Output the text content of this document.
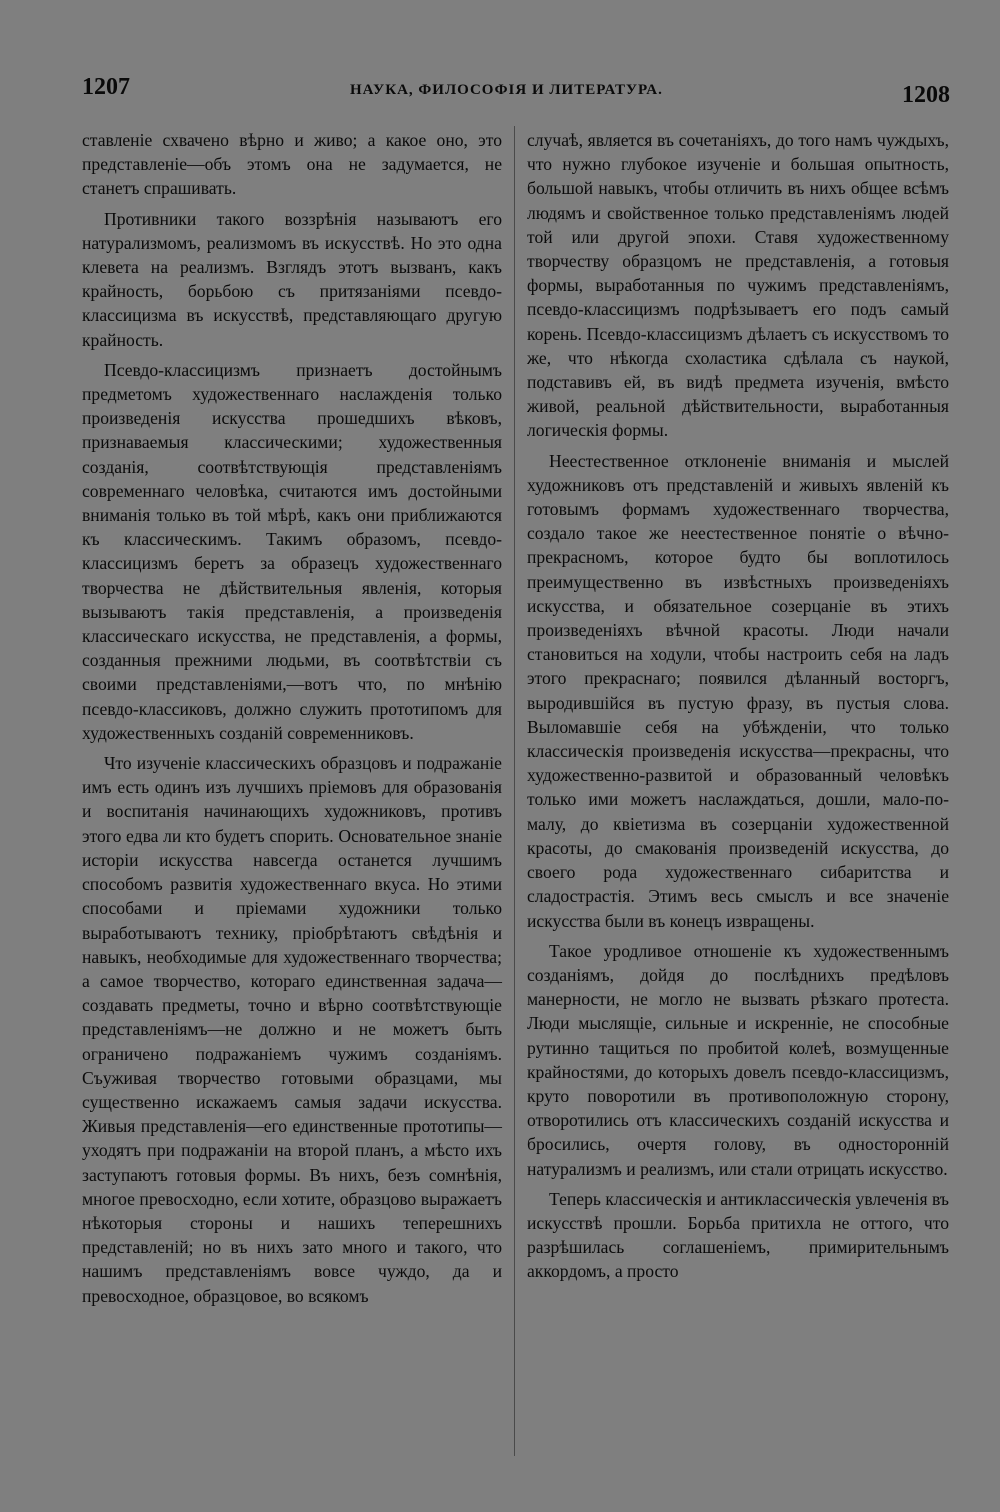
1207	НАУКА, ФИЛОСОФІЯ И ЛИТЕРАТУРА.	1208

ставленіе схвачено вѣрно и живо; а какое оно, это представленіе—объ этомъ она не задумается, не станетъ спрашивать.

Противники такого воззрѣнія называютъ его натурализмомъ, реализмомъ въ искусствѣ. Но это одна клевета на реализмъ. Взглядъ этотъ вызванъ, какъ крайность, борьбою съ притязаніями псевдо-классицизма въ искусствѣ, представляющаго другую крайность.

Псевдо-классицизмъ признаетъ достойнымъ предметомъ художественнаго наслажденія только произведенія искусства прошедшихъ вѣковъ, признаваемыя классическими; художественныя созданія, соотвѣтствующія представленіямъ современнаго человѣка, считаются имъ достойными вниманія только въ той мѣрѣ, какъ они приближаются къ классическимъ. Такимъ образомъ, псевдо-классицизмъ беретъ за образецъ художественнаго творчества не дѣйствительныя явленія, которыя вызываютъ такія представленія, а произведенія классическаго искусства, не представленія, а формы, созданныя прежними людьми, въ соотвѣтствіи съ своими представленіями,—вотъ что, по мнѣнію псевдо-классиковъ, должно служить прототипомъ для художественныхъ созданій современниковъ.

Что изученіе классическихъ образцовъ и подражаніе имъ есть одинъ изъ лучшихъ пріемовъ для образованія и воспитанія начинающихъ художниковъ, противъ этого едва ли кто будетъ спорить. Основательное знаніе исторіи искусства навсегда останется лучшимъ способомъ развитія художественнаго вкуса. Но этими способами и пріемами художники только выработываютъ технику, пріобрѣтаютъ свѣдѣнія и навыкъ, необходимые для художественнаго творчества; а самое творчество, котораго единственная задача—создавать предметы, точно и вѣрно соотвѣтствующіе представленіямъ—не должно и не можетъ быть ограничено подражаніемъ чужимъ созданіямъ. Съуживая творчество готовыми образцами, мы существенно искажаемъ самыя задачи искусства. Живыя представленія—его единственные прототипы—уходятъ при подражаніи на второй планъ, а мѣсто ихъ заступаютъ готовыя формы. Въ нихъ, безъ сомнѣнія, многое превосходно, если хотите, образцово выражаетъ нѣкоторыя стороны и нашихъ теперешнихъ представленій; но въ нихъ зато много и такого, что нашимъ представленіямъ вовсе чуждо, да и превосходное, образцовое, во всякомъ

случаѣ, является въ сочетаніяхъ, до того намъ чуждыхъ, что нужно глубокое изученіе и большая опытность, большой навыкъ, чтобы отличить въ нихъ общее всѣмъ людямъ и свойственное только представленіямъ людей той или другой эпохи. Ставя художественному творчеству образцомъ не представленія, а готовыя формы, выработанныя по чужимъ представленіямъ, псевдо-классицизмъ подрѣзываетъ его подъ самый корень. Псевдо-классицизмъ дѣлаетъ съ искусствомъ то же, что нѣкогда схоластика сдѣлала съ наукой, подставивъ ей, въ видѣ предмета изученія, вмѣсто живой, реальной дѣйствительности, выработанныя логическія формы.

Неестественное отклоненіе вниманія и мыслей художниковъ отъ представленій и живыхъ явленій къ готовымъ формамъ художественнаго творчества, создало такое же неестественное понятіе о вѣчно-прекрасномъ, которое будто бы воплотилось преимущественно въ извѣстныхъ произведеніяхъ искусства, и обязательное созерцаніе въ этихъ произведеніяхъ вѣчной красоты. Люди начали становиться на ходули, чтобы настроить себя на ладъ этого прекраснаго; появился дѣланный восторгъ, выродившійся въ пустую фразу, въ пустыя слова. Выломавшіе себя на убѣжденіи, что только классическія произведенія искусства—прекрасны, что художественно-развитой и образованный человѣкъ только ими можетъ наслаждаться, дошли, мало-по-малу, до квіетизма въ созерцаніи художественной красоты, до смакованія произведеній искусства, до своего рода художественнаго сибаритства и сладострастія. Этимъ весь смыслъ и все значеніе искусства были въ конецъ извращены.

Такое уродливое отношеніе къ художественнымъ созданіямъ, дойдя до послѣднихъ предѣловъ манерности, не могло не вызвать рѣзкаго протеста. Люди мыслящіе, сильные и искренніе, не способные рутинно тащиться по пробитой колеѣ, возмущенные крайностями, до которыхъ довелъ псевдо-классицизмъ, круто поворотили въ противоположную сторону, отворотились отъ классическихъ созданій искусства и бросились, очертя голову, въ односторонній натурализмъ и реализмъ, или стали отрицать искусство.

Теперь классическія и антиклассическія увлеченія въ искусствѣ прошли. Борьба притихла не оттого, что разрѣшилась соглашеніемъ, примирительнымъ аккордомъ, а просто
